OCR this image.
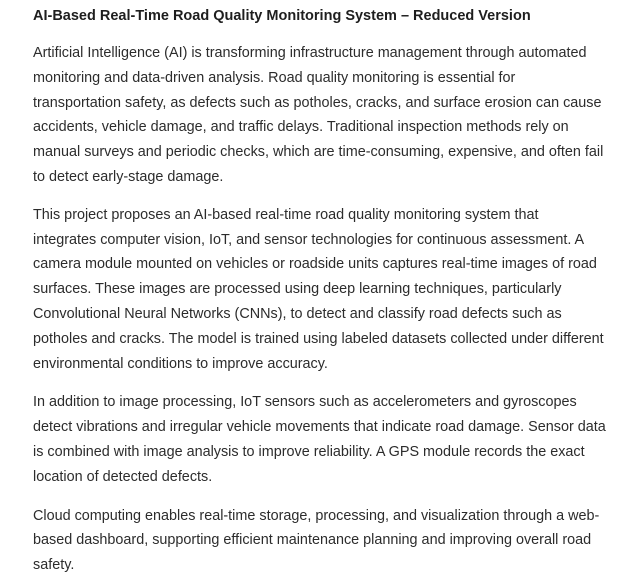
AI-Based Real-Time Road Quality Monitoring System – Reduced Version

Artificial Intelligence (AI) is transforming infrastructure management through automated
monitoring and data-driven analysis. Road quality monitoring is essential for
transportation safety, as defects such as potholes, cracks, and surface erosion can cause
accidents, vehicle damage, and traffic delays. Traditional inspection methods rely on
manual surveys and periodic checks, which are time-consuming, expensive, and often fail
to detect early-stage damage.

This project proposes an AI-based real-time road quality monitoring system that
integrates computer vision, IoT, and sensor technologies for continuous assessment. A
camera module mounted on vehicles or roadside units captures real-time images of road
surfaces. These images are processed using deep learning techniques, particularly
Convolutional Neural Networks (CNNs), to detect and classify road defects such as
potholes and cracks. The model is trained using labeled datasets collected under different
environmental conditions to improve accuracy.

In addition to image processing, IoT sensors such as accelerometers and gyroscopes
detect vibrations and irregular vehicle movements that indicate road damage. Sensor data
is combined with image analysis to improve reliability. A GPS module records the exact
location of detected defects.

Cloud computing enables real-time storage, processing, and visualization through a web-
based dashboard, supporting efficient maintenance planning and improving overall road
safety.
